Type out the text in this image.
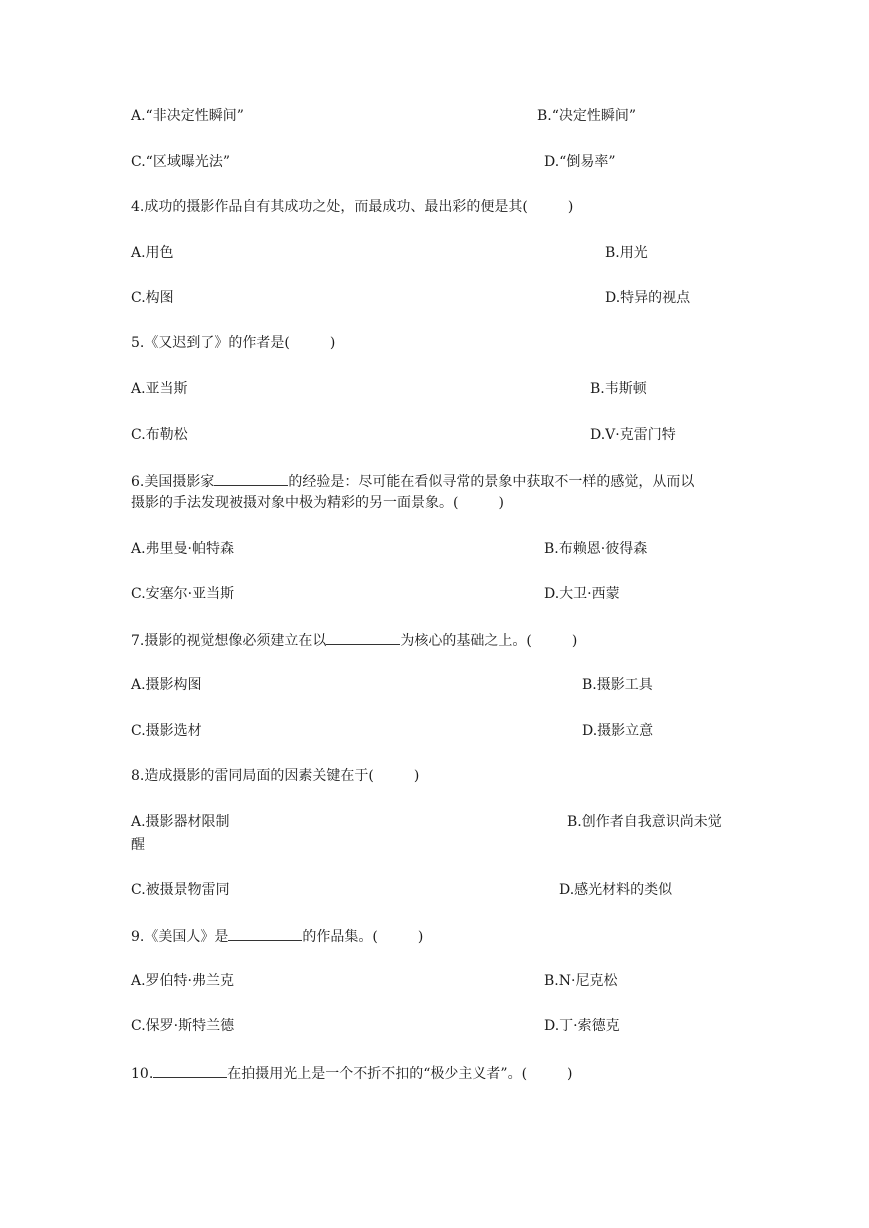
A.“非决定性瞬间”	B.“决定性瞬间”
C.“区域曝光法”	D.“倒易率”
4.成功的摄影作品自有其成功之处，而最成功、最出彩的便是其(	)
A.用色	B.用光
C.构图	D.特异的视点
5.《又迟到了》的作者是(	)
A.亚当斯	B.韦斯顿
C.布勒松	D.V·克雷门特
6.美国摄影家	的经验是：尽可能在看似寻常的景象中获取不一样的感觉，从而以
摄影的手法发现被摄对象中极为精彩的另一面景象。(	)
A.弗里曼·帕特森	B.布赖恩·彼得森
C.安塞尔·亚当斯	D.大卫·西蒙
7.摄影的视觉想像必须建立在以	为核心的基础之上。(	)
A.摄影构图	B.摄影工具
C.摄影选材	D.摄影立意
8.造成摄影的雷同局面的因素关键在于(	)
A.摄影器材限制	B.创作者自我意识尚未觉
醒
C.被摄景物雷同	D.感光材料的类似
9.《美国人》是	的作品集。(	)
A.罗伯特·弗兰克	B.N·尼克松
C.保罗·斯特兰德	D.丁·索德克
10.	在拍摄用光上是一个不折不扣的“极少主义者”。(	)
